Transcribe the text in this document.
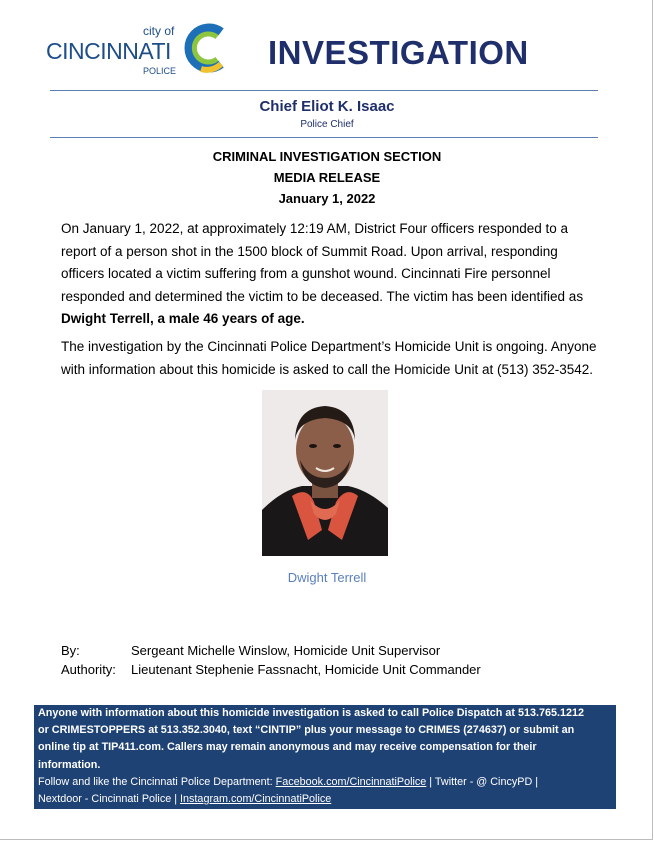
city of
CINCINNATI
POLICE	INVESTIGATION
Chief Eliot K. Isaac
Police Chief
CRIMINAL INVESTIGATION SECTION
MEDIA RELEASE
January 1, 2022
On January 1, 2022, at approximately 12:19 AM, District Four officers responded to a
report of a person shot in the 1500 block of Summit Road. Upon arrival, responding
officers located a victim suffering from a gunshot wound. Cincinnati Fire personnel
responded and determined the victim to be deceased. The victim has been identified as
Dwight Terrell, a male 46 years of age.
The investigation by the Cincinnati Police Department’s Homicide Unit is ongoing. Anyone
with information about this homicide is asked to call the Homicide Unit at (513) 352-3542.
Dwight Terrell
By:	Sergeant Michelle Winslow, Homicide Unit Supervisor
Authority: Lieutenant Stephenie Fassnacht, Homicide Unit Commander
Anyone with information about this homicide investigation is asked to call Police Dispatch at 513.765.1212
or CRIMESTOPPERS at 513.352.3040, text “CINTIP” plus your message to CRIMES (274637) or submit an
online tip at TIP411.com. Callers may remain anonymous and may receive compensation for their
information.
Follow and like the Cincinnati Police Department: Facebook.com/CincinnatiPolice | Twitter - @ CincyPD |
Nextdoor - Cincinnati Police | Instagram.com/CincinnatiPolice
